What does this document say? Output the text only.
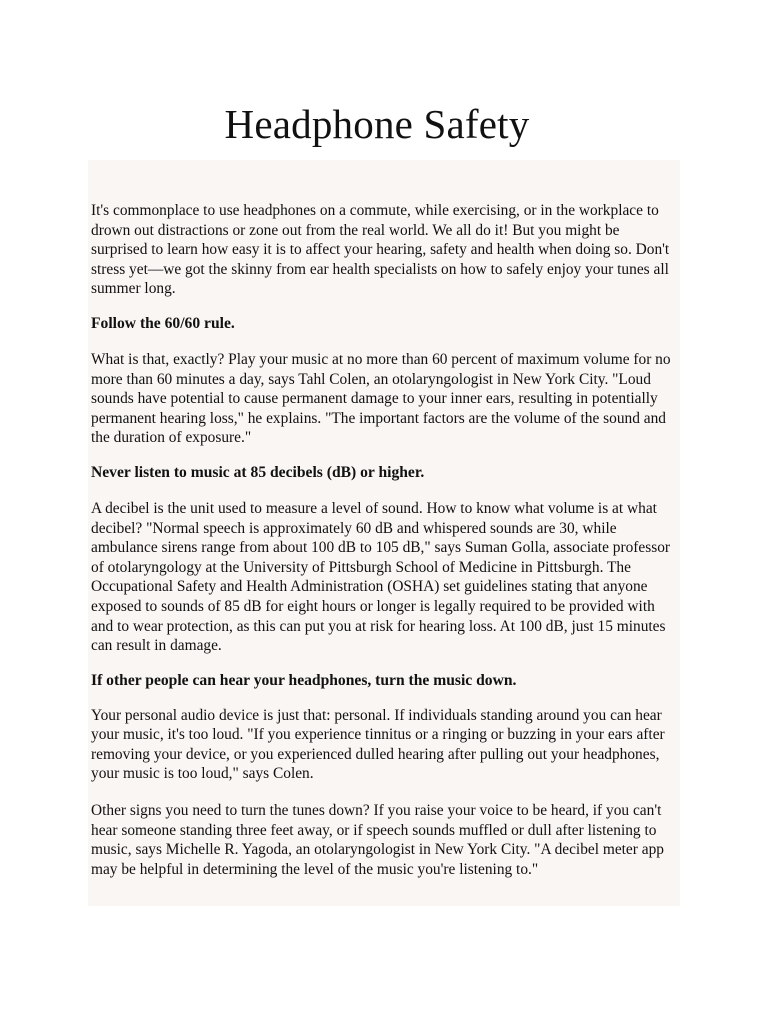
Headphone Safety

It's commonplace to use headphones on a commute, while exercising, or in the workplace to drown out distractions or zone out from the real world. We all do it! But you might be surprised to learn how easy it is to affect your hearing, safety and health when doing so. Don't stress yet—we got the skinny from ear health specialists on how to safely enjoy your tunes all summer long.

Follow the 60/60 rule.

What is that, exactly? Play your music at no more than 60 percent of maximum volume for no more than 60 minutes a day, says Tahl Colen, an otolaryngologist in New York City. "Loud sounds have potential to cause permanent damage to your inner ears, resulting in potentially permanent hearing loss," he explains. "The important factors are the volume of the sound and the duration of exposure."

Never listen to music at 85 decibels (dB) or higher.

A decibel is the unit used to measure a level of sound. How to know what volume is at what decibel? "Normal speech is approximately 60 dB and whispered sounds are 30, while ambulance sirens range from about 100 dB to 105 dB," says Suman Golla, associate professor of otolaryngology at the University of Pittsburgh School of Medicine in Pittsburgh. The Occupational Safety and Health Administration (OSHA) set guidelines stating that anyone exposed to sounds of 85 dB for eight hours or longer is legally required to be provided with and to wear protection, as this can put you at risk for hearing loss. At 100 dB, just 15 minutes can result in damage.

If other people can hear your headphones, turn the music down.

Your personal audio device is just that: personal. If individuals standing around you can hear your music, it's too loud. "If you experience tinnitus or a ringing or buzzing in your ears after removing your device, or you experienced dulled hearing after pulling out your headphones, your music is too loud," says Colen.

Other signs you need to turn the tunes down? If you raise your voice to be heard, if you can't hear someone standing three feet away, or if speech sounds muffled or dull after listening to music, says Michelle R. Yagoda, an otolaryngologist in New York City. "A decibel meter app may be helpful in determining the level of the music you're listening to."
